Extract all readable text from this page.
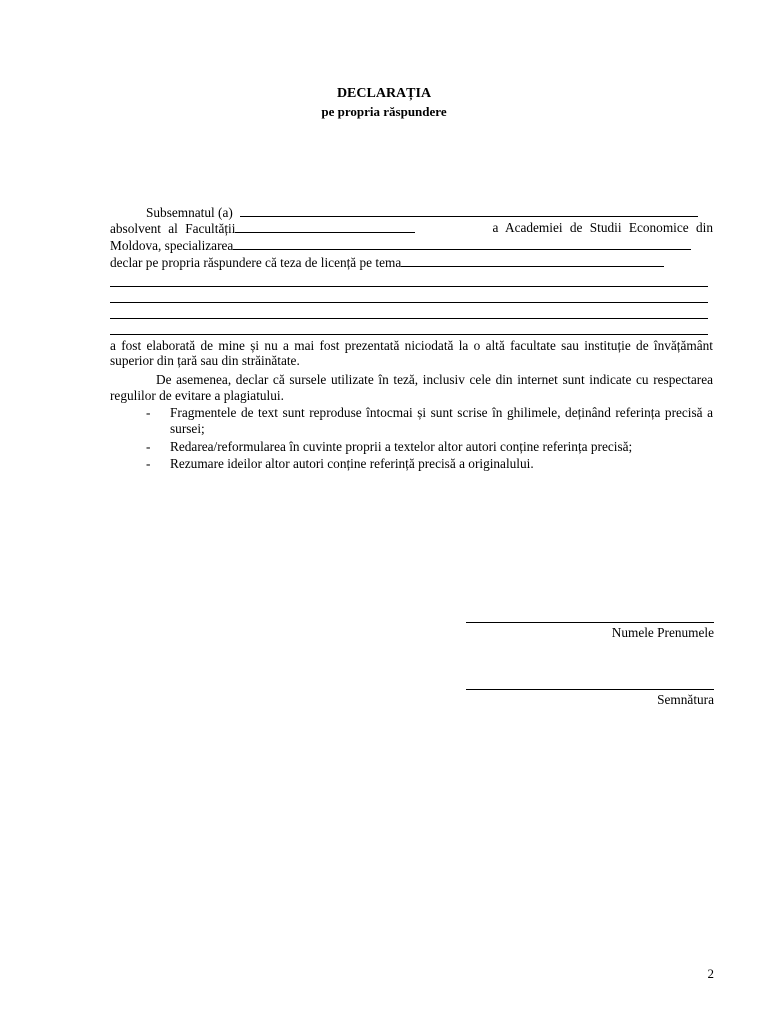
DECLARAȚIA
pe propria răspundere
Subsemnatul (a)
absolvent al Facultății	a Academiei de Studii Economice din
Moldova, specializarea
declar pe propria răspundere că teza de licență pe tema
a fost elaborată de mine și nu a mai fost prezentată niciodată la o altă facultate sau instituție de învățământ superior din țară sau din străinătate.
De asemenea, declar că sursele utilizate în teză, inclusiv cele din internet sunt indicate cu respectarea regulilor de evitare a plagiatului.
- Fragmentele de text sunt reproduse întocmai și sunt scrise în ghilimele, deținând referința precisă a sursei;
- Redarea/reformularea în cuvinte proprii a textelor altor autori conține referința precisă;
- Rezumare ideilor altor autori conține referință precisă a originalului.
Numele Prenumele
Semnătura
2
